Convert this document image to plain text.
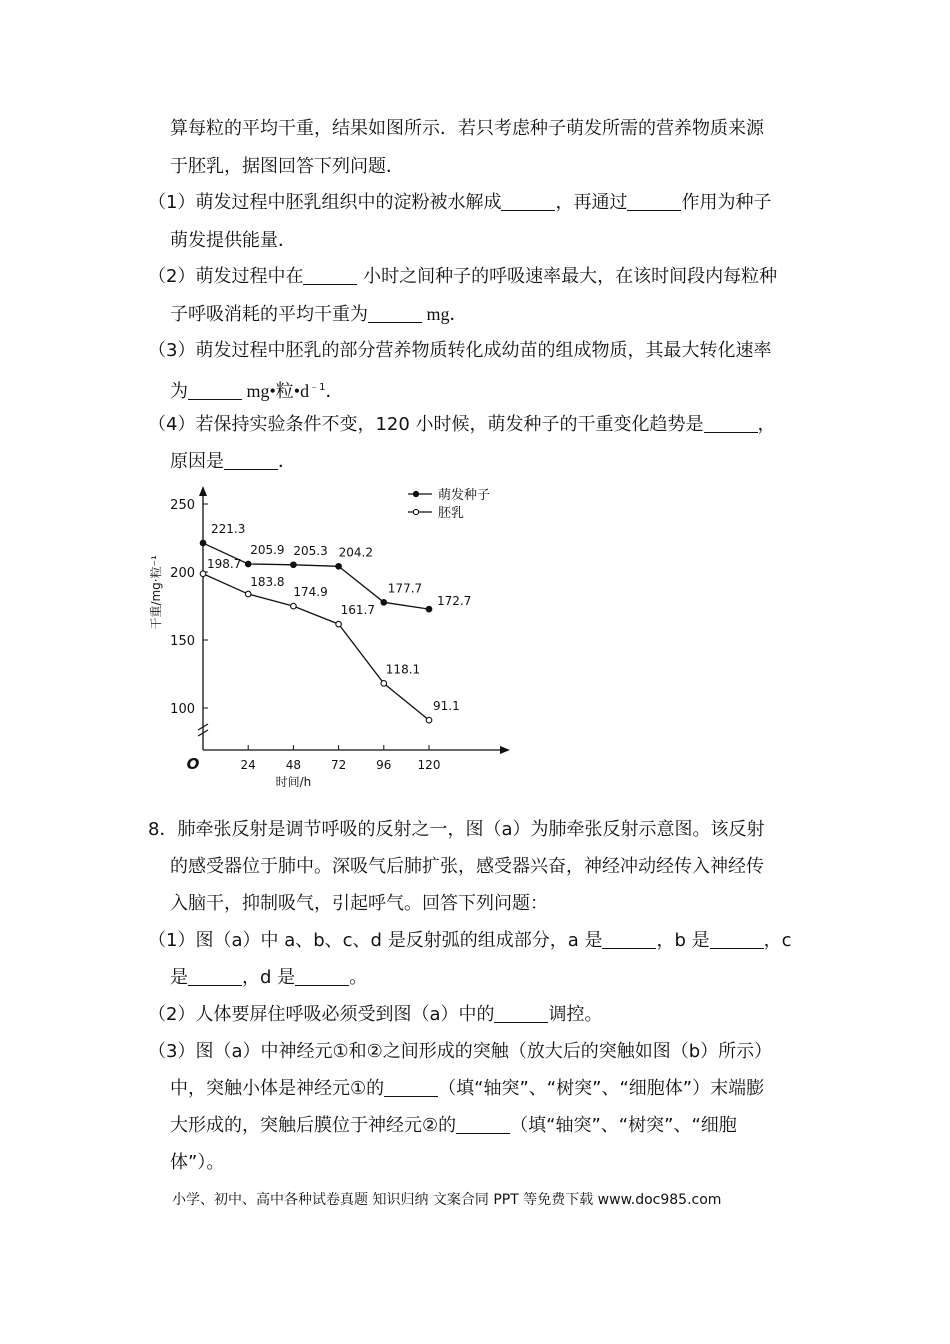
算每粒的平均干重，结果如图所示．若只考虑种子萌发所需的营养物质来源
于胚乳，据图回答下列问题．
（1）萌发过程中胚乳组织中的淀粉被水解成	，再通过	作用为种子
萌发提供能量．
（2）萌发过程中在	小时之间种子的呼吸速率最大，在该时间段内每粒种
子呼吸消耗的平均干重为	mg．
（3）萌发过程中胚乳的部分营养物质转化成幼苗的组成物质，其最大转化速率
为	mg•粒$•d^{﹣1}$．
（4）若保持实验条件不变，120 小时候，萌发种子的干重变化趋势是	，
原因是	．
250
200
150
100
O	24 48 72 96 120
时间/h
干重/mg·粒⁻¹
221.3
205.9 205.3 204.2
177.7
172.7
198.7
183.8
174.9
161.7
118.1
91.1
萌发种子
胚乳
8．肺牵张反射是调节呼吸的反射之一，图（a）为肺牵张反射示意图。该反射
的感受器位于肺中。深吸气后肺扩张，感受器兴奋，神经冲动经传入神经传
入脑干，抑制吸气，引起呼气。回答下列问题：
（1）图（a）中 a、b、c、d 是反射弧的组成部分，a 是	，b 是	，c
是	，d 是	。
（2）人体要屏住呼吸必须受到图（a）中的	调控。
（3）图（a）中神经元①和②之间形成的突触（放大后的突触如图（b）所示）
中，突触小体是神经元①的	（填“轴突”、“树突”、“细胞体”）末端膨
大形成的，突触后膜位于神经元②的	（填“轴突”、“树突”、“细胞
体”）。
小学、初中、高中各种试卷真题 知识归纳 文案合同 PPT 等免费下载 www.doc985.com
